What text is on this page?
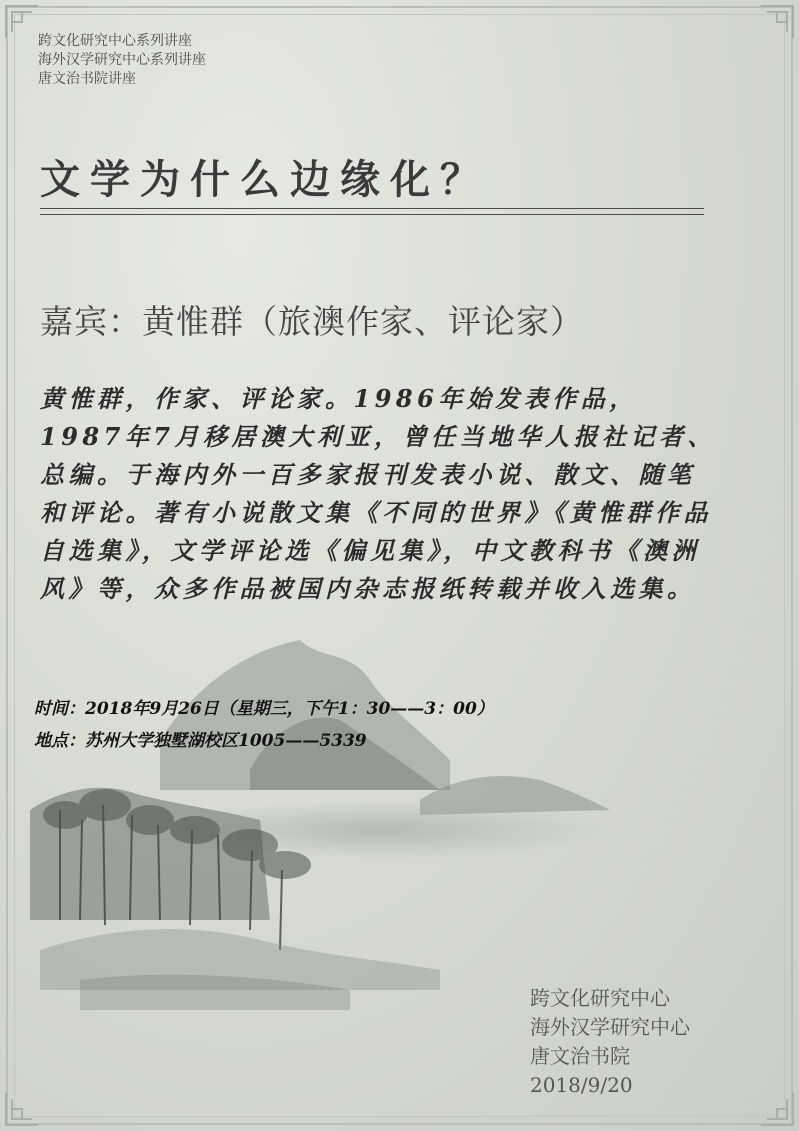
跨文化研究中心系列讲座
海外汉学研究中心系列讲座
唐文治书院讲座
文学为什么边缘化？
嘉宾：黄惟群（旅澳作家、评论家）
黄惟群，作家、评论家。1986年始发表作品，1987年7月移居澳大利亚，曾任当地华人报社记者、总编。于海内外一百多家报刊发表小说、散文、随笔和评论。著有小说散文集《不同的世界》《黄惟群作品自选集》，文学评论选《偏见集》，中文教科书《澳洲风》等，众多作品被国内杂志报纸转载并收入选集。
时间：2018年9月26日（星期三，下午1：30——3：00）
地点：苏州大学独墅湖校区1005——5339
跨文化研究中心
海外汉学研究中心
唐文治书院
2018/9/20
